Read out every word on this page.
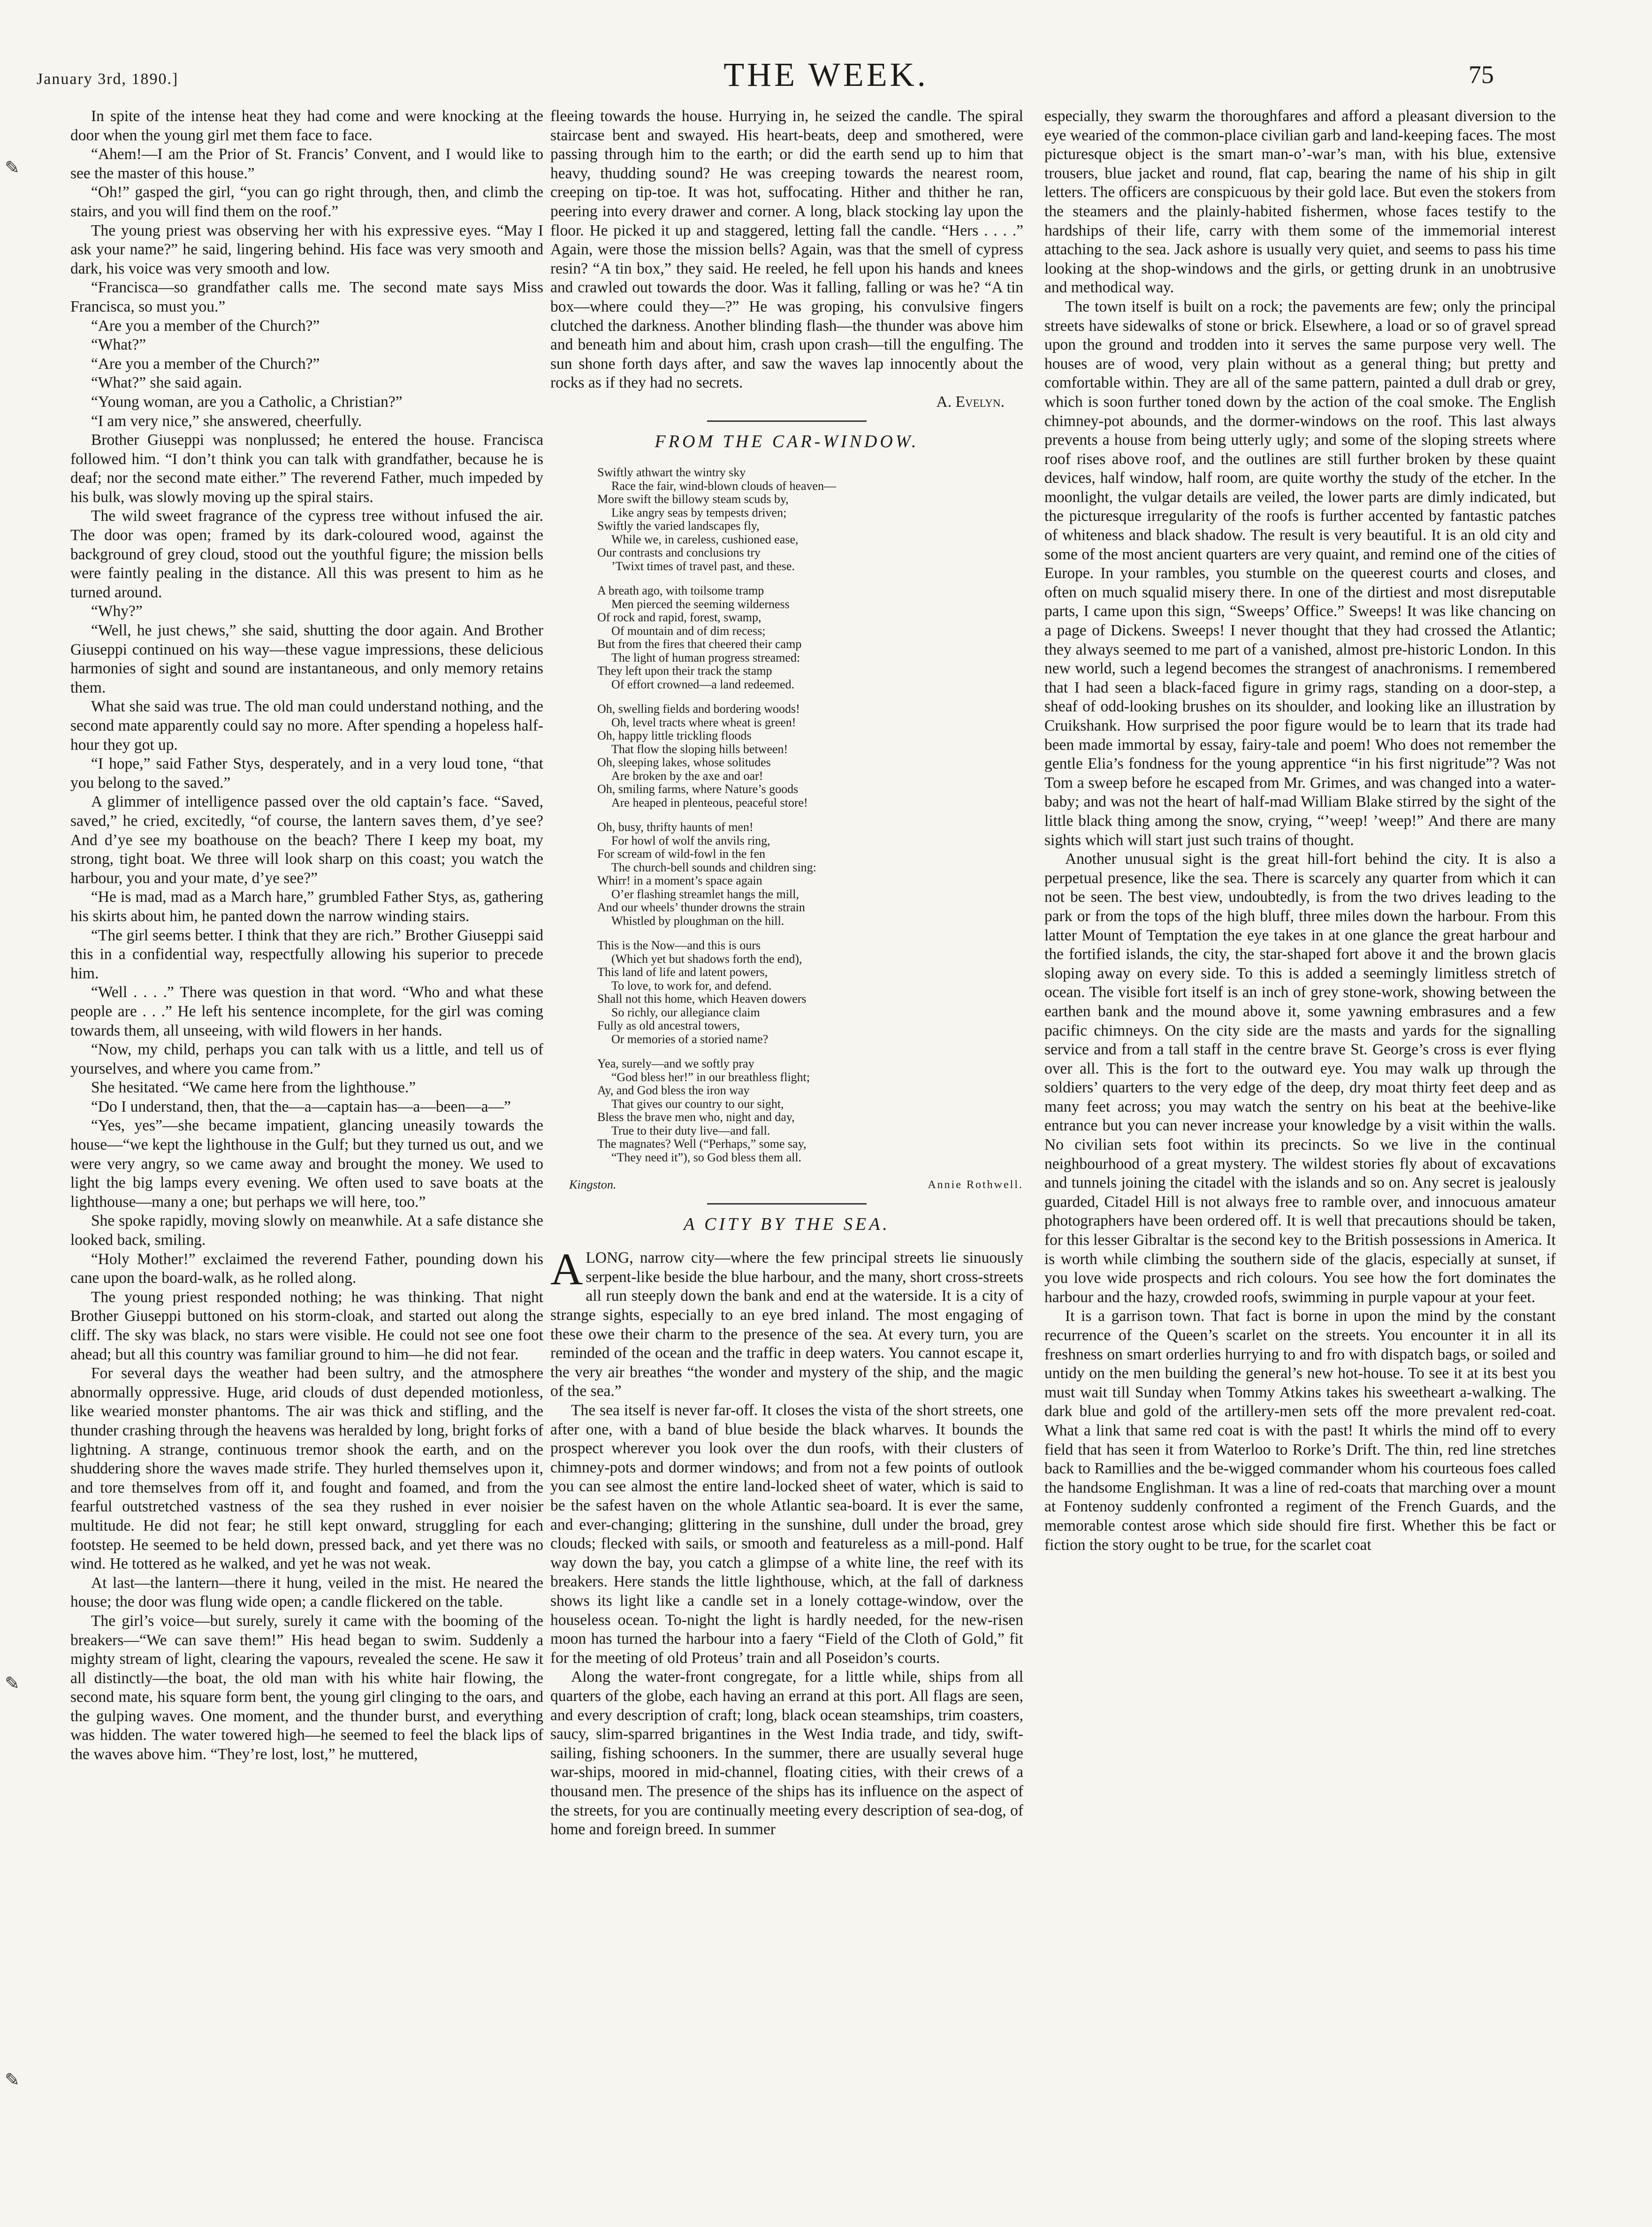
January 3rd, 1890.]	THE WEEK.	75
✎
✎
✎

In spite of the intense heat they had come and were knocking at the door when the young girl met them face to face.

“Ahem!—I am the Prior of St. Francis’ Convent, and I would like to see the master of this house.”

“Oh!” gasped the girl, “you can go right through, then, and climb the stairs, and you will find them on the roof.”

The young priest was observing her with his expressive eyes. “May I ask your name?” he said, lingering behind. His face was very smooth and dark, his voice was very smooth and low.

“Francisca—so grandfather calls me. The second mate says Miss Francisca, so must you.”

“Are you a member of the Church?”

“What?”

“Are you a member of the Church?”

“What?” she said again.

“Young woman, are you a Catholic, a Christian?”

“I am very nice,” she answered, cheerfully.

Brother Giuseppi was nonplussed; he entered the house. Francisca followed him. “I don’t think you can talk with grandfather, because he is deaf; nor the second mate either.” The reverend Father, much impeded by his bulk, was slowly moving up the spiral stairs.

The wild sweet fragrance of the cypress tree without infused the air. The door was open; framed by its dark-coloured wood, against the background of grey cloud, stood out the youthful figure; the mission bells were faintly pealing in the distance. All this was present to him as he turned around.

“Why?”

“Well, he just chews,” she said, shutting the door again. And Brother Giuseppi continued on his way—these vague impressions, these delicious harmonies of sight and sound are instantaneous, and only memory retains them.

What she said was true. The old man could understand nothing, and the second mate apparently could say no more. After spending a hopeless half-hour they got up.

“I hope,” said Father Stys, desperately, and in a very loud tone, “that you belong to the saved.”

A glimmer of intelligence passed over the old captain’s face. “Saved, saved,” he cried, excitedly, “of course, the lantern saves them, d’ye see? And d’ye see my boathouse on the beach? There I keep my boat, my strong, tight boat. We three will look sharp on this coast; you watch the harbour, you and your mate, d’ye see?”

“He is mad, mad as a March hare,” grumbled Father Stys, as, gathering his skirts about him, he panted down the narrow winding stairs.

“The girl seems better. I think that they are rich.” Brother Giuseppi said this in a confidential way, respectfully allowing his superior to precede him.

“Well . . . .” There was question in that word. “Who and what these people are . . .” He left his sentence incomplete, for the girl was coming towards them, all unseeing, with wild flowers in her hands.

“Now, my child, perhaps you can talk with us a little, and tell us of yourselves, and where you came from.”

She hesitated. “We came here from the lighthouse.”

“Do I understand, then, that the—a—captain has—a—been—a—”

“Yes, yes”—she became impatient, glancing uneasily towards the house—“we kept the lighthouse in the Gulf; but they turned us out, and we were very angry, so we came away and brought the money. We used to light the big lamps every evening. We often used to save boats at the lighthouse—many a one; but perhaps we will here, too.”

She spoke rapidly, moving slowly on meanwhile. At a safe distance she looked back, smiling.

“Holy Mother!” exclaimed the reverend Father, pounding down his cane upon the board-walk, as he rolled along.

The young priest responded nothing; he was thinking. That night Brother Giuseppi buttoned on his storm-cloak, and started out along the cliff. The sky was black, no stars were visible. He could not see one foot ahead; but all this country was familiar ground to him—he did not fear.

For several days the weather had been sultry, and the atmosphere abnormally oppressive. Huge, arid clouds of dust depended motionless, like wearied monster phantoms. The air was thick and stifling, and the thunder crashing through the heavens was heralded by long, bright forks of lightning. A strange, continuous tremor shook the earth, and on the shuddering shore the waves made strife. They hurled themselves upon it, and tore themselves from off it, and fought and foamed, and from the fearful outstretched vastness of the sea they rushed in ever noisier multitude. He did not fear; he still kept onward, struggling for each footstep. He seemed to be held down, pressed back, and yet there was no wind. He tottered as he walked, and yet he was not weak.

At last—the lantern—there it hung, veiled in the mist. He neared the house; the door was flung wide open; a candle flickered on the table.

The girl’s voice—but surely, surely it came with the booming of the breakers—“We can save them!” His head began to swim. Suddenly a mighty stream of light, clearing the vapours, revealed the scene. He saw it all distinctly—the boat, the old man with his white hair flowing, the second mate, his square form bent, the young girl clinging to the oars, and the gulping waves. One moment, and the thunder burst, and everything was hidden. The water towered high—he seemed to feel the black lips of the waves above him. “They’re lost, lost,” he muttered,

fleeing towards the house. Hurrying in, he seized the candle. The spiral staircase bent and swayed. His heart-beats, deep and smothered, were passing through him to the earth; or did the earth send up to him that heavy, thudding sound? He was creeping towards the nearest room, creeping on tip-toe. It was hot, suffocating. Hither and thither he ran, peering into every drawer and corner. A long, black stocking lay upon the floor. He picked it up and staggered, letting fall the candle. “Hers . . . .” Again, were those the mission bells? Again, was that the smell of cypress resin? “A tin box,” they said. He reeled, he fell upon his hands and knees and crawled out towards the door. Was it falling, falling or was he? “A tin box—where could they—?” He was groping, his convulsive fingers clutched the darkness. Another blinding flash—the thunder was above him and beneath him and about him, crash upon crash—till the engulfing. The sun shone forth days after, and saw the waves lap innocently about the rocks as if they had no secrets.

A. Evelyn.

FROM THE CAR-WINDOW.
Swiftly athwart the wintry sky
Race the fair, wind-blown clouds of heaven—
More swift the billowy steam scuds by,
Like angry seas by tempests driven;
Swiftly the varied landscapes fly,
While we, in careless, cushioned ease,
Our contrasts and conclusions try
’Twixt times of travel past, and these.
A breath ago, with toilsome tramp
Men pierced the seeming wilderness
Of rock and rapid, forest, swamp,
Of mountain and of dim recess;
But from the fires that cheered their camp
The light of human progress streamed:
They left upon their track the stamp
Of effort crowned—a land redeemed.
Oh, swelling fields and bordering woods!
Oh, level tracts where wheat is green!
Oh, happy little trickling floods
That flow the sloping hills between!
Oh, sleeping lakes, whose solitudes
Are broken by the axe and oar!
Oh, smiling farms, where Nature’s goods
Are heaped in plenteous, peaceful store!
Oh, busy, thrifty haunts of men!
For howl of wolf the anvils ring,
For scream of wild-fowl in the fen
The church-bell sounds and children sing:
Whirr! in a moment’s space again
O’er flashing streamlet hangs the mill,
And our wheels’ thunder drowns the strain
Whistled by ploughman on the hill.
This is the Now—and this is ours
(Which yet but shadows forth the end),
This land of life and latent powers,
To love, to work for, and defend.
Shall not this home, which Heaven dowers
So richly, our allegiance claim
Fully as old ancestral towers,
Or memories of a storied name?
Yea, surely—and we softly pray
“God bless her!” in our breathless flight;
Ay, and God bless the iron way
That gives our country to our sight,
Bless the brave men who, night and day,
True to their duty live—and fall.
The magnates? Well (“Perhaps,” some say,
“They need it”), so God bless them all.
Kingston.	Annie Rothwell.
A CITY BY THE SEA.

ALONG, narrow city—where the few principal streets lie sinuously serpent-like beside the blue harbour, and the many, short cross-streets all run steeply down the bank and end at the waterside. It is a city of strange sights, especially to an eye bred inland. The most engaging of these owe their charm to the presence of the sea. At every turn, you are reminded of the ocean and the traffic in deep waters. You cannot escape it, the very air breathes “the wonder and mystery of the ship, and the magic of the sea.”

The sea itself is never far-off. It closes the vista of the short streets, one after one, with a band of blue beside the black wharves. It bounds the prospect wherever you look over the dun roofs, with their clusters of chimney-pots and dormer windows; and from not a few points of outlook you can see almost the entire land-locked sheet of water, which is said to be the safest haven on the whole Atlantic sea-board. It is ever the same, and ever-changing; glittering in the sunshine, dull under the broad, grey clouds; flecked with sails, or smooth and featureless as a mill-pond. Half way down the bay, you catch a glimpse of a white line, the reef with its breakers. Here stands the little lighthouse, which, at the fall of darkness shows its light like a candle set in a lonely cottage-window, over the houseless ocean. To-night the light is hardly needed, for the new-risen moon has turned the harbour into a faery “Field of the Cloth of Gold,” fit for the meeting of old Proteus’ train and all Poseidon’s courts.

Along the water-front congregate, for a little while, ships from all quarters of the globe, each having an errand at this port. All flags are seen, and every description of craft; long, black ocean steamships, trim coasters, saucy, slim-sparred brigantines in the West India trade, and tidy, swift-sailing, fishing schooners. In the summer, there are usually several huge war-ships, moored in mid-channel, floating cities, with their crews of a thousand men. The presence of the ships has its influence on the aspect of the streets, for you are continually meeting every description of sea-dog, of home and foreign breed. In summer

especially, they swarm the thoroughfares and afford a pleasant diversion to the eye wearied of the common-place civilian garb and land-keeping faces. The most picturesque object is the smart man-o’-war’s man, with his blue, extensive trousers, blue jacket and round, flat cap, bearing the name of his ship in gilt letters. The officers are conspicuous by their gold lace. But even the stokers from the steamers and the plainly-habited fishermen, whose faces testify to the hardships of their life, carry with them some of the immemorial interest attaching to the sea. Jack ashore is usually very quiet, and seems to pass his time looking at the shop-windows and the girls, or getting drunk in an unobtrusive and methodical way.

The town itself is built on a rock; the pavements are few; only the principal streets have sidewalks of stone or brick. Elsewhere, a load or so of gravel spread upon the ground and trodden into it serves the same purpose very well. The houses are of wood, very plain without as a general thing; but pretty and comfortable within. They are all of the same pattern, painted a dull drab or grey, which is soon further toned down by the action of the coal smoke. The English chimney-pot abounds, and the dormer-windows on the roof. This last always prevents a house from being utterly ugly; and some of the sloping streets where roof rises above roof, and the outlines are still further broken by these quaint devices, half window, half room, are quite worthy the study of the etcher. In the moonlight, the vulgar details are veiled, the lower parts are dimly indicated, but the picturesque irregularity of the roofs is further accented by fantastic patches of whiteness and black shadow. The result is very beautiful. It is an old city and some of the most ancient quarters are very quaint, and remind one of the cities of Europe. In your rambles, you stumble on the queerest courts and closes, and often on much squalid misery there. In one of the dirtiest and most disreputable parts, I came upon this sign, “Sweeps’ Office.” Sweeps! It was like chancing on a page of Dickens. Sweeps! I never thought that they had crossed the Atlantic; they always seemed to me part of a vanished, almost pre-historic London. In this new world, such a legend becomes the strangest of anachronisms. I remembered that I had seen a black-faced figure in grimy rags, standing on a door-step, a sheaf of odd-looking brushes on its shoulder, and looking like an illustration by Cruikshank. How surprised the poor figure would be to learn that its trade had been made immortal by essay, fairy-tale and poem! Who does not remember the gentle Elia’s fondness for the young apprentice “in his first nigritude”? Was not Tom a sweep before he escaped from Mr. Grimes, and was changed into a water-baby; and was not the heart of half-mad William Blake stirred by the sight of the little black thing among the snow, crying, “’weep! ’weep!” And there are many sights which will start just such trains of thought.

Another unusual sight is the great hill-fort behind the city. It is also a perpetual presence, like the sea. There is scarcely any quarter from which it can not be seen. The best view, undoubtedly, is from the two drives leading to the park or from the tops of the high bluff, three miles down the harbour. From this latter Mount of Temptation the eye takes in at one glance the great harbour and the fortified islands, the city, the star-shaped fort above it and the brown glacis sloping away on every side. To this is added a seemingly limitless stretch of ocean. The visible fort itself is an inch of grey stone-work, showing between the earthen bank and the mound above it, some yawning embrasures and a few pacific chimneys. On the city side are the masts and yards for the signalling service and from a tall staff in the centre brave St. George’s cross is ever flying over all. This is the fort to the outward eye. You may walk up through the soldiers’ quarters to the very edge of the deep, dry moat thirty feet deep and as many feet across; you may watch the sentry on his beat at the beehive-like entrance but you can never increase your knowledge by a visit within the walls. No civilian sets foot within its precincts. So we live in the continual neighbourhood of a great mystery. The wildest stories fly about of excavations and tunnels joining the citadel with the islands and so on. Any secret is jealously guarded, Citadel Hill is not always free to ramble over, and innocuous amateur photographers have been ordered off. It is well that precautions should be taken, for this lesser Gibraltar is the second key to the British possessions in America. It is worth while climbing the southern side of the glacis, especially at sunset, if you love wide prospects and rich colours. You see how the fort dominates the harbour and the hazy, crowded roofs, swimming in purple vapour at your feet.

It is a garrison town. That fact is borne in upon the mind by the constant recurrence of the Queen’s scarlet on the streets. You encounter it in all its freshness on smart orderlies hurrying to and fro with dispatch bags, or soiled and untidy on the men building the general’s new hot-house. To see it at its best you must wait till Sunday when Tommy Atkins takes his sweetheart a-walking. The dark blue and gold of the artillery-men sets off the more prevalent red-coat. What a link that same red coat is with the past! It whirls the mind off to every field that has seen it from Waterloo to Rorke’s Drift. The thin, red line stretches back to Ramillies and the be-wigged commander whom his courteous foes called the handsome Englishman. It was a line of red-coats that marching over a mount at Fontenoy suddenly confronted a regiment of the French Guards, and the memorable contest arose which side should fire first. Whether this be fact or fiction the story ought to be true, for the scarlet coat
